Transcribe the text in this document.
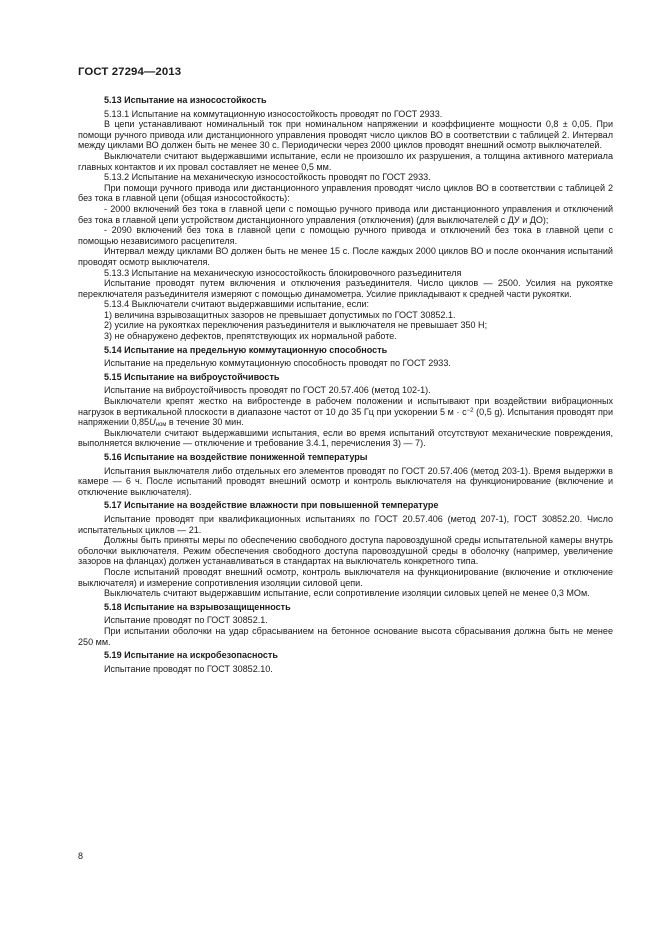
ГОСТ 27294—2013

5.13 Испытание на износостойкость

5.13.1 Испытание на коммутационную износостойкость проводят по ГОСТ 2933.

В цепи устанавливают номинальный ток при номинальном напряжении и коэффициенте мощности 0,8 ± 0,05. При помощи ручного привода или дистанционного управления проводят число циклов ВО в соответствии с таблицей 2. Интервал между циклами ВО должен быть не менее 30 с. Периодически через 2000 циклов проводят внешний осмотр выключателей.

Выключатели считают выдержавшими испытание, если не произошло их разрушения, а толщина активного материала главных контактов и их провал составляет не менее 0,5 мм.

5.13.2 Испытание на механическую износостойкость проводят по ГОСТ 2933.

При помощи ручного привода или дистанционного управления проводят число циклов ВО в соответствии с таблицей 2 без тока в главной цепи (общая износостойкость):

- 2000 включений без тока в главной цепи с помощью ручного привода или дистанционного управления и отключений без тока в главной цепи устройством дистанционного управления (отключения) (для выключателей с ДУ и ДО);

- 2090 включений без тока в главной цепи с помощью ручного привода и отключений без тока в главной цепи с помощью независимого расцепителя.

Интервал между циклами ВО должен быть не менее 15 с. После каждых 2000 циклов ВО и после окончания испытаний проводят осмотр выключателя.

5.13.3 Испытание на механическую износостойкость блокировочного разъединителя

Испытание проводят путем включения и отключения разъединителя. Число циклов — 2500. Усилия на рукоятке переключателя разъединителя измеряют с помощью динамометра. Усилие прикладывают к средней части рукоятки.

5.13.4 Выключатели считают выдержавшими испытание, если:

1) величина взрывозащитных зазоров не превышает допустимых по ГОСТ 30852.1.

2) усилие на рукоятках переключения разъединителя и выключателя не превышает 350 Н;

3) не обнаружено дефектов, препятствующих их нормальной работе.

5.14 Испытание на предельную коммутационную способность

Испытание на предельную коммутационную способность проводят по ГОСТ 2933.

5.15 Испытание на виброустойчивость

Испытание на виброустойчивость проводят по ГОСТ 20.57.406 (метод 102-1).

Выключатели крепят жестко на вибростенде в рабочем положении и испытывают при воздействии вибрационных нагрузок в вертикальной плоскости в диапазоне частот от 10 до 35 Гц при ускорении 5 $м \cdot с^{-2}$ (0,5 g). Испытания проводят при напряжении $0,85U_{ном}$ в течение 30 мин.

Выключатели считают выдержавшими испытания, если во время испытаний отсутствуют механические повреждения, выполняется включение — отключение и требование 3.4.1, перечисления 3) — 7).

5.16 Испытание на воздействие пониженной температуры

Испытания выключателя либо отдельных его элементов проводят по ГОСТ 20.57.406 (метод 203-1). Время выдержки в камере — 6 ч. После испытаний проводят внешний осмотр и контроль выключателя на функционирование (включение и отключение выключателя).

5.17 Испытание на воздействие влажности при повышенной температуре

Испытание проводят при квалификационных испытаниях по ГОСТ 20.57.406 (метод 207-1), ГОСТ 30852.20. Число испытательных циклов — 21.

Должны быть приняты меры по обеспечению свободного доступа паровоздушной среды испытательной камеры внутрь оболочки выключателя. Режим обеспечения свободного доступа паровоздушной среды в оболочку (например, увеличение зазоров на фланцах) должен устанавливаться в стандартах на выключатель конкретного типа.

После испытаний проводят внешний осмотр, контроль выключателя на функционирование (включение и отключение выключателя) и измерение сопротивления изоляции силовой цепи.

Выключатель считают выдержавшим испытание, если сопротивление изоляции силовых цепей не менее 0,3 МОм.

5.18 Испытание на взрывозащищенность

Испытание проводят по ГОСТ 30852.1.

При испытании оболочки на удар сбрасыванием на бетонное основание высота сбрасывания должна быть не менее 250 мм.

5.19 Испытание на искробезопасность

Испытание проводят по ГОСТ 30852.10.

8
